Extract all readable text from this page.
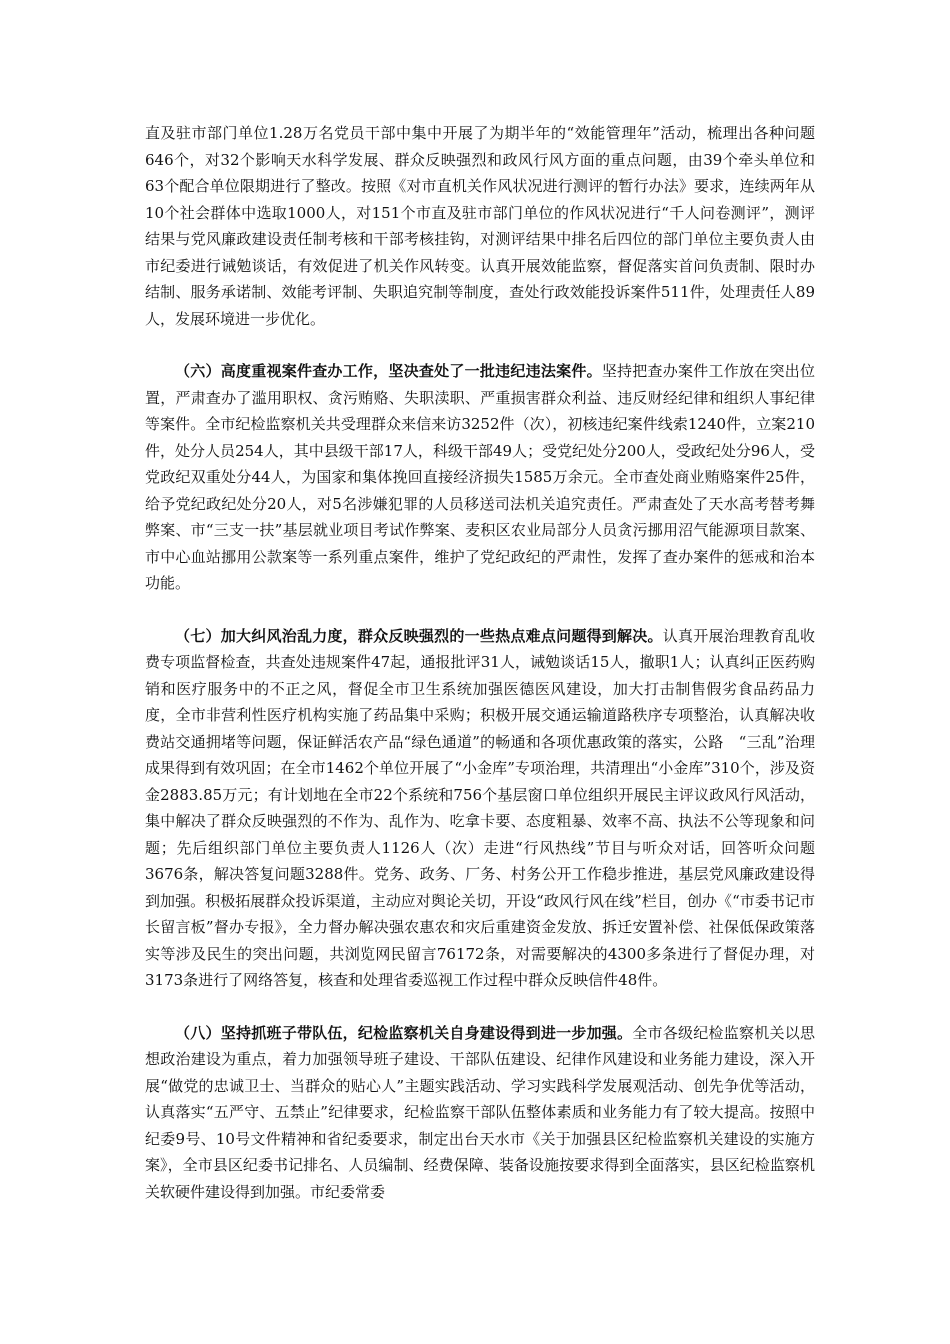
直及驻市部门单位1.28万名党员干部中集中开展了为期半年的“效能管理年”活动，梳理出各种问题646个，对32个影响天水科学发展、群众反映强烈和政风行风方面的重点问题，由39个牵头单位和63个配合单位限期进行了整改。按照《对市直机关作风状况进行测评的暂行办法》要求，连续两年从10个社会群体中选取1000人，对151个市直及驻市部门单位的作风状况进行“千人问卷测评”，测评结果与党风廉政建设责任制考核和干部考核挂钩，对测评结果中排名后四位的部门单位主要负责人由市纪委进行诫勉谈话，有效促进了机关作风转变。认真开展效能监察，督促落实首问负责制、限时办结制、服务承诺制、效能考评制、失职追究制等制度，查处行政效能投诉案件511件，处理责任人89人，发展环境进一步优化。

（六）高度重视案件查办工作，坚决查处了一批违纪违法案件。坚持把查办案件工作放在突出位置，严肃查办了滥用职权、贪污贿赂、失职渎职、严重损害群众利益、违反财经纪律和组织人事纪律等案件。全市纪检监察机关共受理群众来信来访3252件（次），初核违纪案件线索1240件，立案210件，处分人员254人，其中县级干部17人，科级干部49人；受党纪处分200人，受政纪处分96人，受党政纪双重处分44人，为国家和集体挽回直接经济损失1585万余元。全市查处商业贿赂案件25件，给予党纪政纪处分20人，对5名涉嫌犯罪的人员移送司法机关追究责任。严肃查处了天水高考替考舞弊案、市“三支一扶”基层就业项目考试作弊案、麦积区农业局部分人员贪污挪用沼气能源项目款案、市中心血站挪用公款案等一系列重点案件，维护了党纪政纪的严肃性，发挥了查办案件的惩戒和治本功能。

（七）加大纠风治乱力度，群众反映强烈的一些热点难点问题得到解决。认真开展治理教育乱收费专项监督检查，共查处违规案件47起，通报批评31人，诫勉谈话15人，撤职1人；认真纠正医药购销和医疗服务中的不正之风，督促全市卫生系统加强医德医风建设，加大打击制售假劣食品药品力度，全市非营利性医疗机构实施了药品集中采购；积极开展交通运输道路秩序专项整治，认真解决收费站交通拥堵等问题，保证鲜活农产品“绿色通道”的畅通和各项优惠政策的落实，公路　“三乱”治理成果得到有效巩固；在全市1462个单位开展了“小金库”专项治理，共清理出“小金库”310个，涉及资金2883.85万元；有计划地在全市22个系统和756个基层窗口单位组织开展民主评议政风行风活动，集中解决了群众反映强烈的不作为、乱作为、吃拿卡要、态度粗暴、效率不高、执法不公等现象和问题；先后组织部门单位主要负责人1126人（次）走进“行风热线”节目与听众对话，回答听众问题3676条，解决答复问题3288件。党务、政务、厂务、村务公开工作稳步推进，基层党风廉政建设得到加强。积极拓展群众投诉渠道，主动应对舆论关切，开设“政风行风在线”栏目，创办《“市委书记市长留言板”督办专报》，全力督办解决强农惠农和灾后重建资金发放、拆迁安置补偿、社保低保政策落实等涉及民生的突出问题，共浏览网民留言76172条，对需要解决的4300多条进行了督促办理，对3173条进行了网络答复，核查和处理省委巡视工作过程中群众反映信件48件。

（八）坚持抓班子带队伍，纪检监察机关自身建设得到进一步加强。全市各级纪检监察机关以思想政治建设为重点，着力加强领导班子建设、干部队伍建设、纪律作风建设和业务能力建设，深入开展“做党的忠诚卫士、当群众的贴心人”主题实践活动、学习实践科学发展观活动、创先争优等活动，认真落实“五严守、五禁止”纪律要求，纪检监察干部队伍整体素质和业务能力有了较大提高。按照中纪委9号、10号文件精神和省纪委要求，制定出台天水市《关于加强县区纪检监察机关建设的实施方案》，全市县区纪委书记排名、人员编制、经费保障、装备设施按要求得到全面落实，县区纪检监察机关软硬件建设得到加强。市纪委常委
